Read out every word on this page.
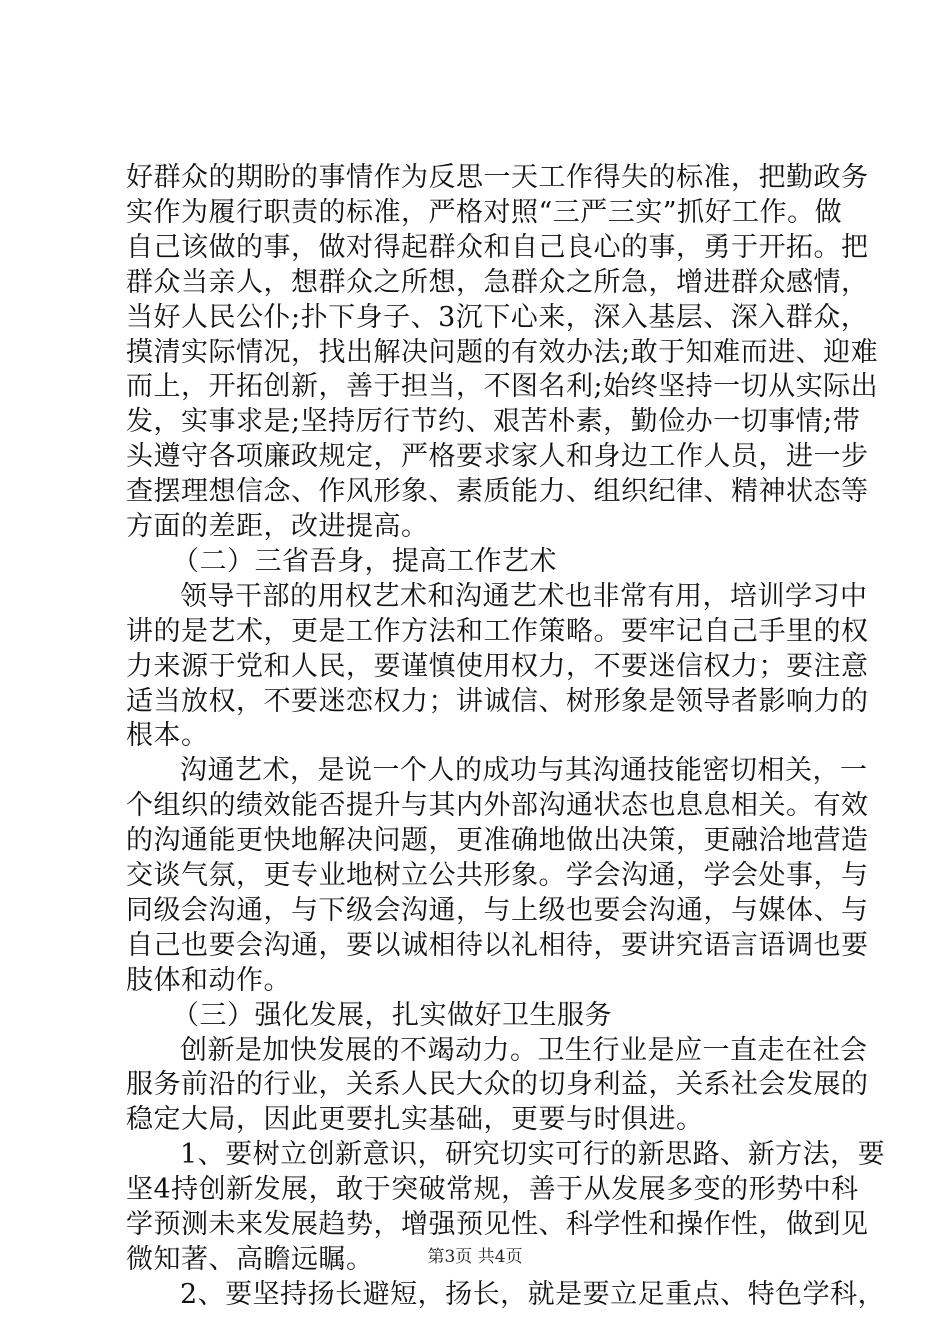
好群众的期盼的事情作为反思一天工作得失的标准，把勤政务
实作为履行职责的标准，严格对照“三严三实”抓好工作。做
自己该做的事，做对得起群众和自己良心的事，勇于开拓。把
群众当亲人，想群众之所想，急群众之所急，增进群众感情，
当好人民公仆;扑下身子、3沉下心来，深入基层、深入群众，
摸清实际情况，找出解决问题的有效办法;敢于知难而进、迎难
而上，开拓创新，善于担当，不图名利;始终坚持一切从实际出
发，实事求是;坚持厉行节约、艰苦朴素，勤俭办一切事情;带
头遵守各项廉政规定，严格要求家人和身边工作人员，进一步
查摆理想信念、作风形象、素质能力、组织纪律、精神状态等
方面的差距，改进提高。
（二）三省吾身，提高工作艺术
领导干部的用权艺术和沟通艺术也非常有用，培训学习中
讲的是艺术，更是工作方法和工作策略。要牢记自己手里的权
力来源于党和人民，要谨慎使用权力，不要迷信权力；要注意
适当放权，不要迷恋权力；讲诚信、树形象是领导者影响力的
根本。
沟通艺术，是说一个人的成功与其沟通技能密切相关，一
个组织的绩效能否提升与其内外部沟通状态也息息相关。有效
的沟通能更快地解决问题，更准确地做出决策，更融洽地营造
交谈气氛，更专业地树立公共形象。学会沟通，学会处事，与
同级会沟通，与下级会沟通，与上级也要会沟通，与媒体、与
自己也要会沟通，要以诚相待以礼相待，要讲究语言语调也要
肢体和动作。
（三）强化发展，扎实做好卫生服务
创新是加快发展的不竭动力。卫生行业是应一直走在社会
服务前沿的行业，关系人民大众的切身利益，关系社会发展的
稳定大局，因此更要扎实基础，更要与时俱进。
1、要树立创新意识，研究切实可行的新思路、新方法，要
坚4持创新发展，敢于突破常规，善于从发展多变的形势中科
学预测未来发展趋势，增强预见性、科学性和操作性，做到见
微知著、高瞻远瞩。
2、要坚持扬长避短，扬长，就是要立足重点、特色学科，
第3页 共4页
